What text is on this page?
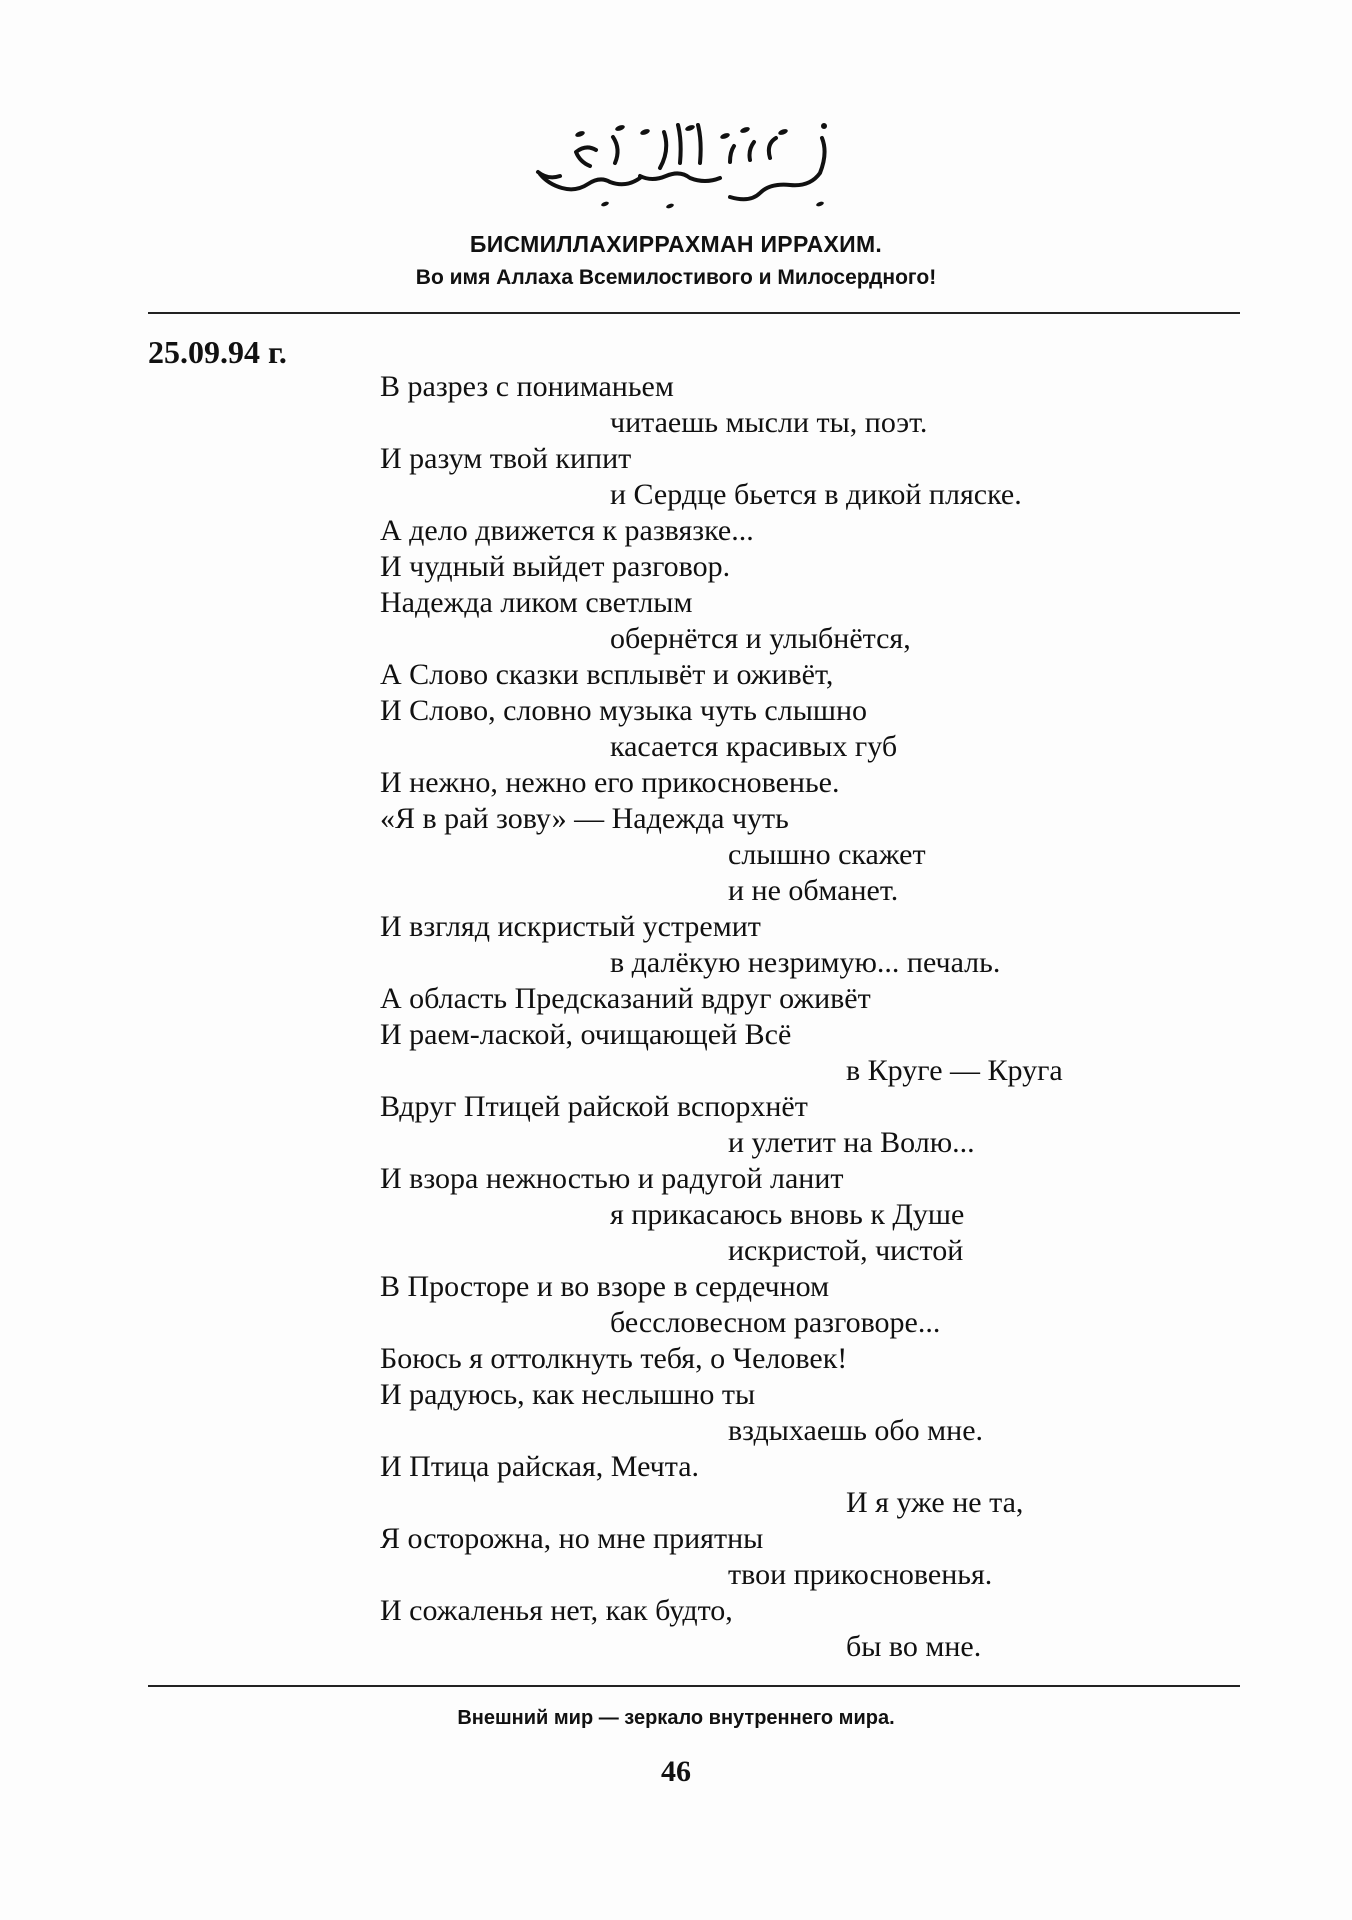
БИСМИЛЛАХИРРАХМАН ИРРАХИМ.
Во имя Аллаха Всемилостивого и Милосердного!
25.09.94 г.
В разрез с пониманьем
читаешь мысли ты, поэт.
И разум твой кипит
и Сердце бьется в дикой пляске.
А дело движется к развязке...
И чудный выйдет разговор.
Надежда ликом светлым
обернётся и улыбнётся,
А Слово сказки всплывёт и оживёт,
И Слово, словно музыка чуть слышно
касается красивых губ
И нежно, нежно его прикосновенье.
«Я в рай зову» — Надежда чуть
слышно скажет
и не обманет.
И взгляд искристый устремит
в далёкую незримую... печаль.
А область Предсказаний вдруг оживёт
И раем-лаской, очищающей Всё
в Круге — Круга
Вдруг Птицей райской вспорхнёт
и улетит на Волю...
И взора нежностью и радугой ланит
я прикасаюсь вновь к Душе
искристой, чистой
В Просторе и во взоре в сердечном
бессловесном разговоре...
Боюсь я оттолкнуть тебя, о Человек!
И радуюсь, как неслышно ты
вздыхаешь обо мне.
И Птица райская, Мечта.
И я уже не та,
Я осторожна, но мне приятны
твои прикосновенья.
И сожаленья нет, как будто,
бы во мне.
Внешний мир — зеркало внутреннего мира.
46
